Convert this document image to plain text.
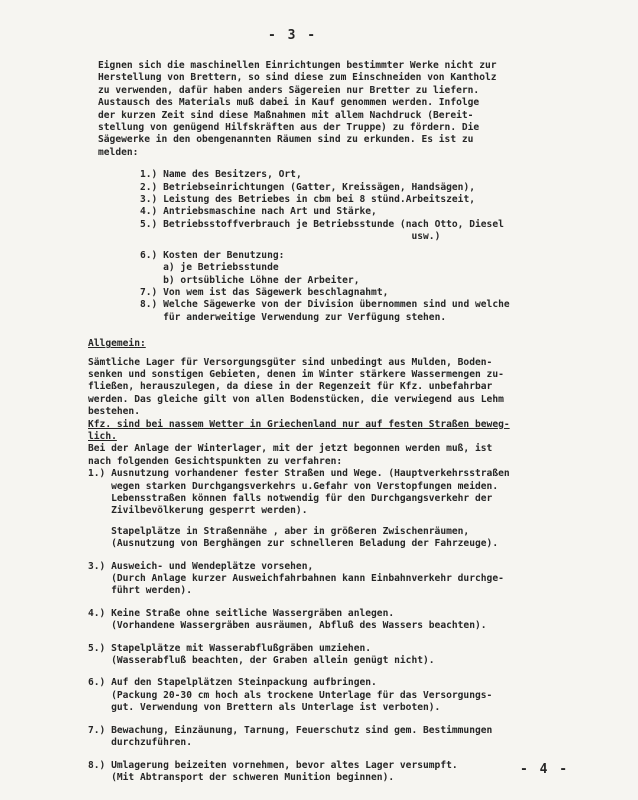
- 3 -
Eignen sich die maschinellen Einrichtungen bestimmter Werke nicht zur
Herstellung von Brettern, so sind diese zum Einschneiden von Kantholz
zu verwenden, dafür haben anders Sägereien nur Bretter zu liefern.
Austausch des Materials muß dabei in Kauf genommen werden. Infolge
der kurzen Zeit sind diese Maßnahmen mit allem Nachdruck (Bereit-
stellung von genügend Hilfskräften aus der Truppe) zu fördern. Die
Sägewerke in den obengenannten Räumen sind zu erkunden. Es ist zu
melden:
1.) Name des Besitzers, Ort,
2.) Betriebseinrichtungen (Gatter, Kreissägen, Handsägen),
3.) Leistung des Betriebes in cbm bei 8 stünd.Arbeitszeit,
4.) Antriebsmaschine nach Art und Stärke,
5.) Betriebsstoffverbrauch je Betriebsstunde (nach Otto, Diesel
usw.)
6.) Kosten der Benutzung:
a) je Betriebsstunde
b) ortsübliche Löhne der Arbeiter,
7.) Von wem ist das Sägewerk beschlagnahmt,
8.) Welche Sägewerke von der Division übernommen sind und welche
für anderweitige Verwendung zur Verfügung stehen.
Allgemein:
Sämtliche Lager für Versorgungsgüter sind unbedingt aus Mulden, Boden-
senken und sonstigen Gebieten, denen im Winter stärkere Wassermengen zu-
fließen, herauszulegen, da diese in der Regenzeit für Kfz. unbefahrbar
werden. Das gleiche gilt von allen Bodenstücken, die verwiegend aus Lehm
bestehen.
Kfz. sind bei nassem Wetter in Griechenland nur auf festen Straßen beweg-
lich.
Bei der Anlage der Winterlager, mit der jetzt begonnen werden muß, ist
nach folgenden Gesichtspunkten zu verfahren:
1.) Ausnutzung vorhandener fester Straßen und Wege. (Hauptverkehrsstraßen
wegen starken Durchgangsverkehrs u.Gefahr von Verstopfungen meiden.
Lebensstraßen können falls notwendig für den Durchgangsverkehr der
Zivilbevölkerung gesperrt werden).
Stapelplätze in Straßennähe , aber in größeren Zwischenräumen,
(Ausnutzung von Berghängen zur schnelleren Beladung der Fahrzeuge).
3.) Ausweich- und Wendeplätze vorsehen,
(Durch Anlage kurzer Ausweichfahrbahnen kann Einbahnverkehr durchge-
führt werden).
4.) Keine Straße ohne seitliche Wassergräben anlegen.
(Vorhandene Wassergräben ausräumen, Abfluß des Wassers beachten).
5.) Stapelplätze mit Wasserabflußgräben umziehen.
(Wasserabfluß beachten, der Graben allein genügt nicht).
6.) Auf den Stapelplätzen Steinpackung aufbringen.
(Packung 20-30 cm hoch als trockene Unterlage für das Versorgungs-
gut. Verwendung von Brettern als Unterlage ist verboten).
7.) Bewachung, Einzäunung, Tarnung, Feuerschutz sind gem. Bestimmungen
durchzuführen.
8.) Umlagerung beizeiten vornehmen, bevor altes Lager versumpft.
(Mit Abtransport der schweren Munition beginnen).
- 4 -
